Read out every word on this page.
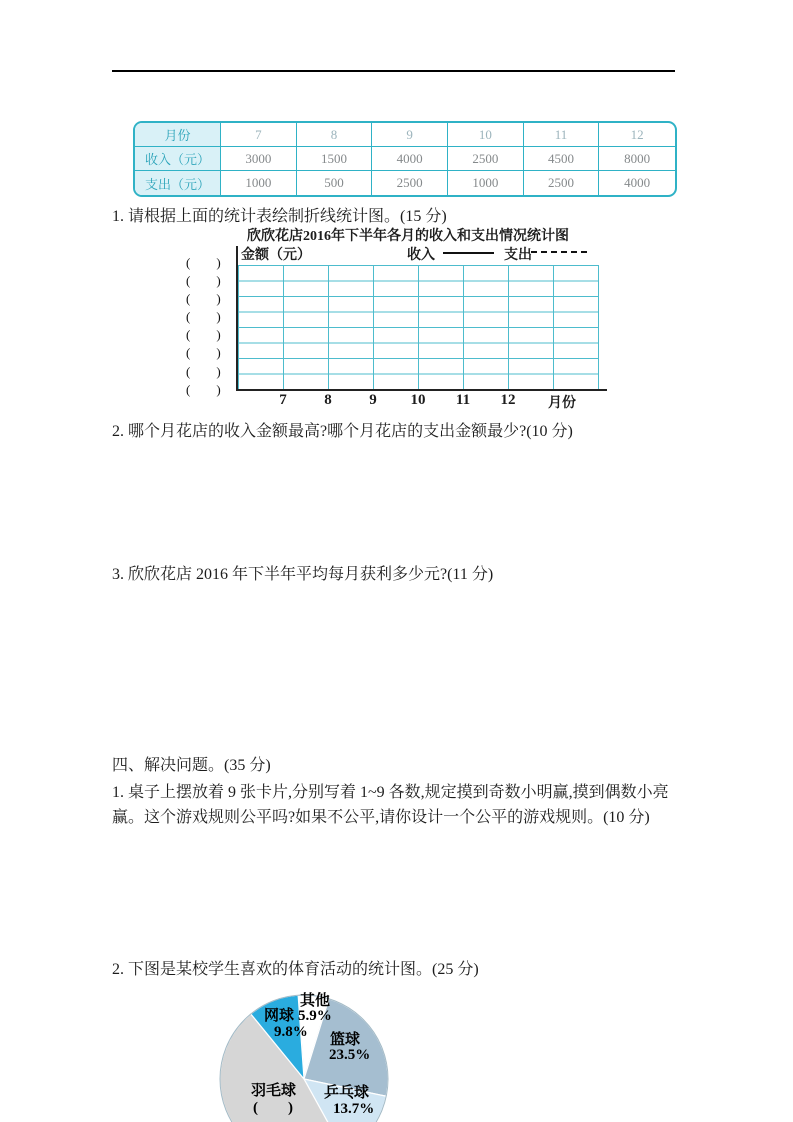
月份	7	8	9	10	11	12
收入（元）	3000	1500	4000	2500	4500	8000
支出（元）	1000	500	2500	1000	2500	4000
1. 请根据上面的统计表绘制折线统计图。(15 分)
欣欣花店2016年下半年各月的收入和支出情况统计图
收入	支出
金额（元）
(        )
(        )
(        )
(        )
(        )
(        )
(        )
(        )
7	8	9 10 11 12 月份
2. 哪个月花店的收入金额最高?哪个月花店的支出金额最少?(10 分)
3. 欣欣花店 2016 年下半年平均每月获利多少元?(11 分)
四、解决问题。(35 分)
1. 桌子上摆放着 9 张卡片,分别写着 1~9 各数,规定摸到奇数小明赢,摸到偶数小亮
赢。这个游戏规则公平吗?如果不公平,请你设计一个公平的游戏规则。(10 分)
2. 下图是某校学生喜欢的体育活动的统计图。(25 分)
其他
5.9%
网球
9.8% 篮球
23.5%
乒乓球
13.7%
羽毛球
(        )
